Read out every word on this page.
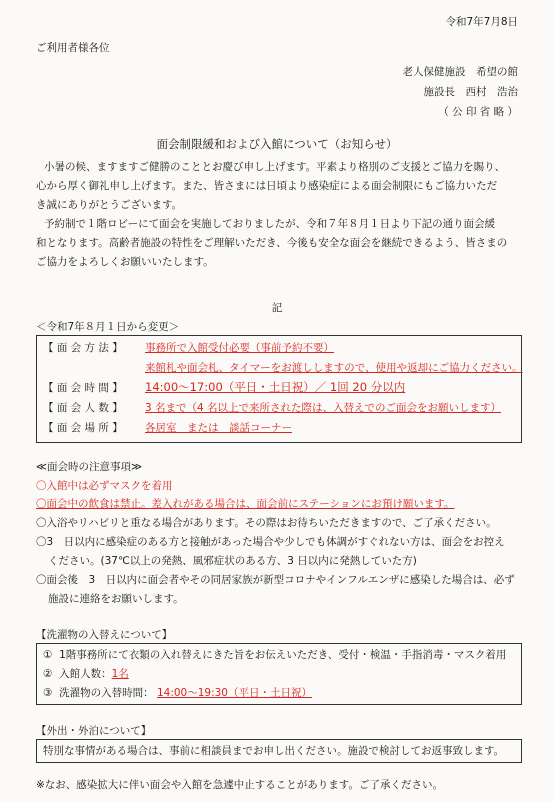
令和7年7月8日
ご利用者様各位
老人保健施設　希望の館
施設長　西村　浩治
（ 公 印 省 略 ）
面会制限緩和および入館について（お知らせ）
小暑の候、ますますご健勝のこととお慶び申し上げます。平素より格別のご支援とご協力を賜り、
心から厚く御礼申し上げます。また、皆さまには日頃より感染症による面会制限にもご協力いただ
き誠にありがとうございます。
予約制で１階ロビーにて面会を実施しておりましたが、令和７年８月１日より下記の通り面会緩
和となります。高齢者施設の特性をご理解いただき、今後も安全な面会を継続できるよう、皆さまの
ご協力をよろしくお願いいたします。
記
＜令和7年８月１日から変更＞
【 面 会 方 法 】 事務所で入館受付必要（事前予約不要）
来館札や面会札、タイマーをお渡ししますので、使用や返却にご協力ください。
【 面 会 時 間 】 14:00～17:00（平日・土日祝）／ 1回 20 分以内
【 面 会 人 数 】 3 名まで（4 名以上で来所された際は、入替えでのご面会をお願いします）
【 面 会 場 所 】 各居室　または　談話コーナー
≪面会時の注意事項≫
〇入館中は必ずマスクを着用
〇面会中の飲食は禁止。差入れがある場合は、面会前にステーションにお預け願います。
〇入浴やリハビリと重なる場合があります。その際はお待ちいただきますので、ご了承ください。
〇3　日以内に感染症のある方と接触があった場合や少しでも体調がすぐれない方は、面会をお控え
ください。(37℃以上の発熱、風邪症状のある方、3 日以内に発熱していた方)
〇面会後　3　日以内に面会者やその同居家族が新型コロナやインフルエンザに感染した場合は、必ず
施設に連絡をお願いします。
【洗濯物の入替えについて】
① 1階事務所にて衣類の入れ替えにきた旨をお伝えいただき、受付・検温・手指消毒・マスク着用
② 入館人数：1名
③ 洗濯物の入替時間： 14:00～19:30（平日・土日祝）
【外出・外泊について】
特別な事情がある場合は、事前に相談員までお申し出ください。施設で検討してお返事致します。
※なお、感染拡大に伴い面会や入館を急遽中止することがあります。ご了承ください。
